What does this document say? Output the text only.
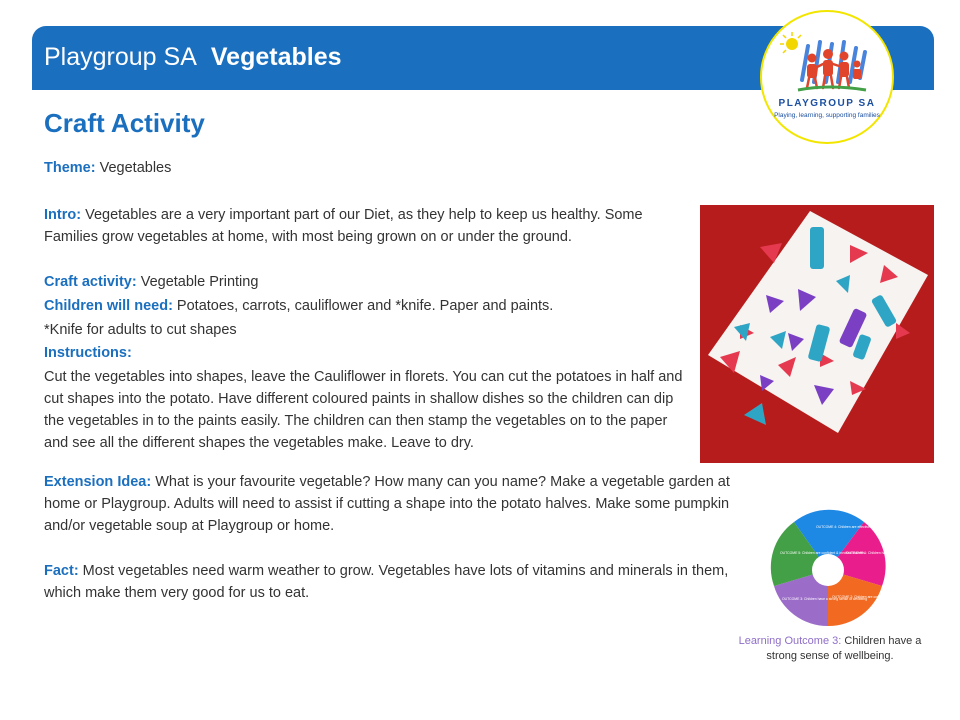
Playgroup SA Vegetables
PLAYGROUP SA
Playing, learning, supporting families
Craft Activity
Theme: Vegetables
Intro: Vegetables are a very important part of our Diet, as they help to keep us healthy. Some Families grow vegetables at home, with most being grown on or under the ground.
Craft activity: Vegetable Printing
Children will need: Potatoes, carrots, cauliflower and *knife. Paper and paints.
*Knife for adults to cut shapes
Instructions:
Cut the vegetables into shapes, leave the Cauliflower in florets. You can cut the potatoes in half and cut shapes into the potato. Have different coloured paints in shallow dishes so the children can dip the vegetables in to the paints easily. The children can then stamp the vegetables on to the paper and see all the different shapes the vegetables make. Leave to dry.
Extension Idea: What is your favourite vegetable? How many can you name? Make a vegetable garden at home or Playgroup. Adults will need to assist if cutting a shape into the potato halves. Make some pumpkin and/or vegetable soup at Playgroup or home.
Fact: Most vegetables need warm weather to grow. Vegetables have lots of vitamins and minerals in them, which make them very good for us to eat.
OUTCOME 4: Children are effective communicators
OUTCOME 1: Children have a strong sense of identity
OUTCOME 2: Children are connected with & contribute to their world
OUTCOME 3: Children have a strong sense of wellbeing
OUTCOME 5: Children are confident & involved learners
Learning Outcome 3: Children have a strong sense of wellbeing.
